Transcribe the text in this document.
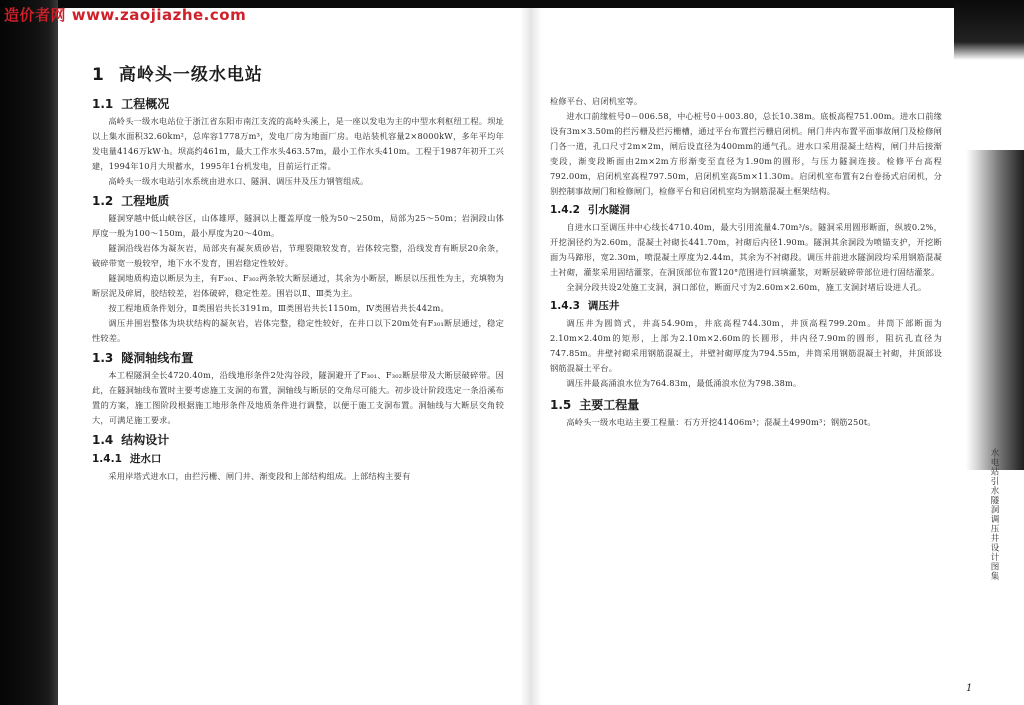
造价者网 www.zaojiazhe.com
1 高岭头一级水电站
1.1 工程概况

高岭头一级水电站位于浙江省东阳市南江支流的高岭头溪上，是一座以发电为主的中型水利枢纽工程。坝址以上集水面积32.60km²，总库容1778万m³，发电厂房为地面厂房。电站装机容量2×8000kW，多年平均年发电量4146万kW·h。坝高约461m，最大工作水头463.57m，最小工作水头410m。工程于1987年初开工兴建，1994年10月大坝蓄水，1995年1台机发电，目前运行正常。

高岭头一级水电站引水系统由进水口、隧洞、调压井及压力钢管组成。

1.2 工程地质

隧洞穿越中低山峡谷区，山体雄厚，隧洞以上覆盖厚度一般为50～250m，局部为25～50m；岩洞段山体厚度一般为100～150m，最小厚度为20～40m。

隧洞沿线岩体为凝灰岩，局部夹有凝灰质砂岩，节理裂隙较发育，岩体较完整，沿线发育有断层20余条，破碎带宽一般较窄，地下水不发育，围岩稳定性较好。

隧洞地质构造以断层为主，有F₃₀₁、F₃₀₂两条较大断层通过，其余为小断层，断层以压扭性为主，充填物为断层泥及碎屑，胶结较差，岩体破碎，稳定性差。围岩以Ⅱ、Ⅲ类为主。

按工程地质条件划分，Ⅱ类围岩共长3191m，Ⅲ类围岩共长1150m，Ⅳ类围岩共长442m。

调压井围岩整体为块状结构的凝灰岩，岩体完整，稳定性较好，在井口以下20m处有F₃₀₁断层通过，稳定性较差。

1.3 隧洞轴线布置

本工程隧洞全长4720.40m，沿线地形条件2处沟谷段，隧洞避开了F₃₀₁、F₃₀₂断层带及大断层破碎带。因此，在隧洞轴线布置时主要考虑施工支洞的布置，洞轴线与断层的交角尽可能大。初步设计阶段选定一条沿溪布置的方案，施工图阶段根据施工地形条件及地质条件进行调整，以便于施工支洞布置。洞轴线与大断层交角较大，可满足施工要求。

1.4 结构设计
1.4.1 进水口

采用岸塔式进水口，由拦污栅、闸门井、渐变段和上部结构组成。上部结构主要有

检修平台、启闭机室等。

进水口前缘桩号0－006.58，中心桩号0＋003.80，总长10.38m。底板高程751.00m。进水口前缘设有3m×3.50m的拦污栅及拦污栅槽，通过平台布置拦污栅启闭机。闸门井内布置平面事故闸门及检修闸门各一道，孔口尺寸2m×2m，闸后设直径为400mm的通气孔。进水口采用混凝土结构，闸门井后接渐变段，渐变段断面由2m×2m方形渐变至直径为1.90m的圆形，与压力隧洞连接。检修平台高程792.00m，启闭机室高程797.50m，启闭机室高5m×11.30m。启闭机室布置有2台卷扬式启闭机，分别控制事故闸门和检修闸门，检修平台和启闭机室均为钢筋混凝土框架结构。

1.4.2 引水隧洞

自进水口至调压井中心线长4710.40m，最大引用流量4.70m³/s。隧洞采用圆形断面，纵坡0.2%，开挖洞径约为2.60m，混凝土衬砌长441.70m，衬砌后内径1.90m。隧洞其余洞段为喷锚支护，开挖断面为马蹄形，宽2.30m，喷混凝土厚度为2.44m，其余为不衬砌段。调压井前进水隧洞段均采用钢筋混凝土衬砌，灌浆采用固结灌浆，在洞顶部位布置120°范围进行回填灌浆，对断层破碎带部位进行固结灌浆。

全洞分段共设2处施工支洞，洞口部位，断面尺寸为2.60m×2.60m，施工支洞封堵后设进人孔。

1.4.3 调压井

调压井为圆筒式，井高54.90m，井底高程744.30m，井顶高程799.20m。井筒下部断面为2.10m×2.40m的矩形，上部为2.10m×2.60m的长圆形，井内径7.90m的圆形，阻抗孔直径为747.85m。井壁衬砌采用钢筋混凝土，井壁衬砌厚度为794.55m，井筒采用钢筋混凝土衬砌，井顶部设钢筋混凝土平台。

调压井最高涌浪水位为764.83m，最低涌浪水位为798.38m。

1.5 主要工程量

高岭头一级水电站主要工程量：石方开挖41406m³；混凝土4990m³；钢筋250t。

水电站引水隧洞调压井设计图集
1
